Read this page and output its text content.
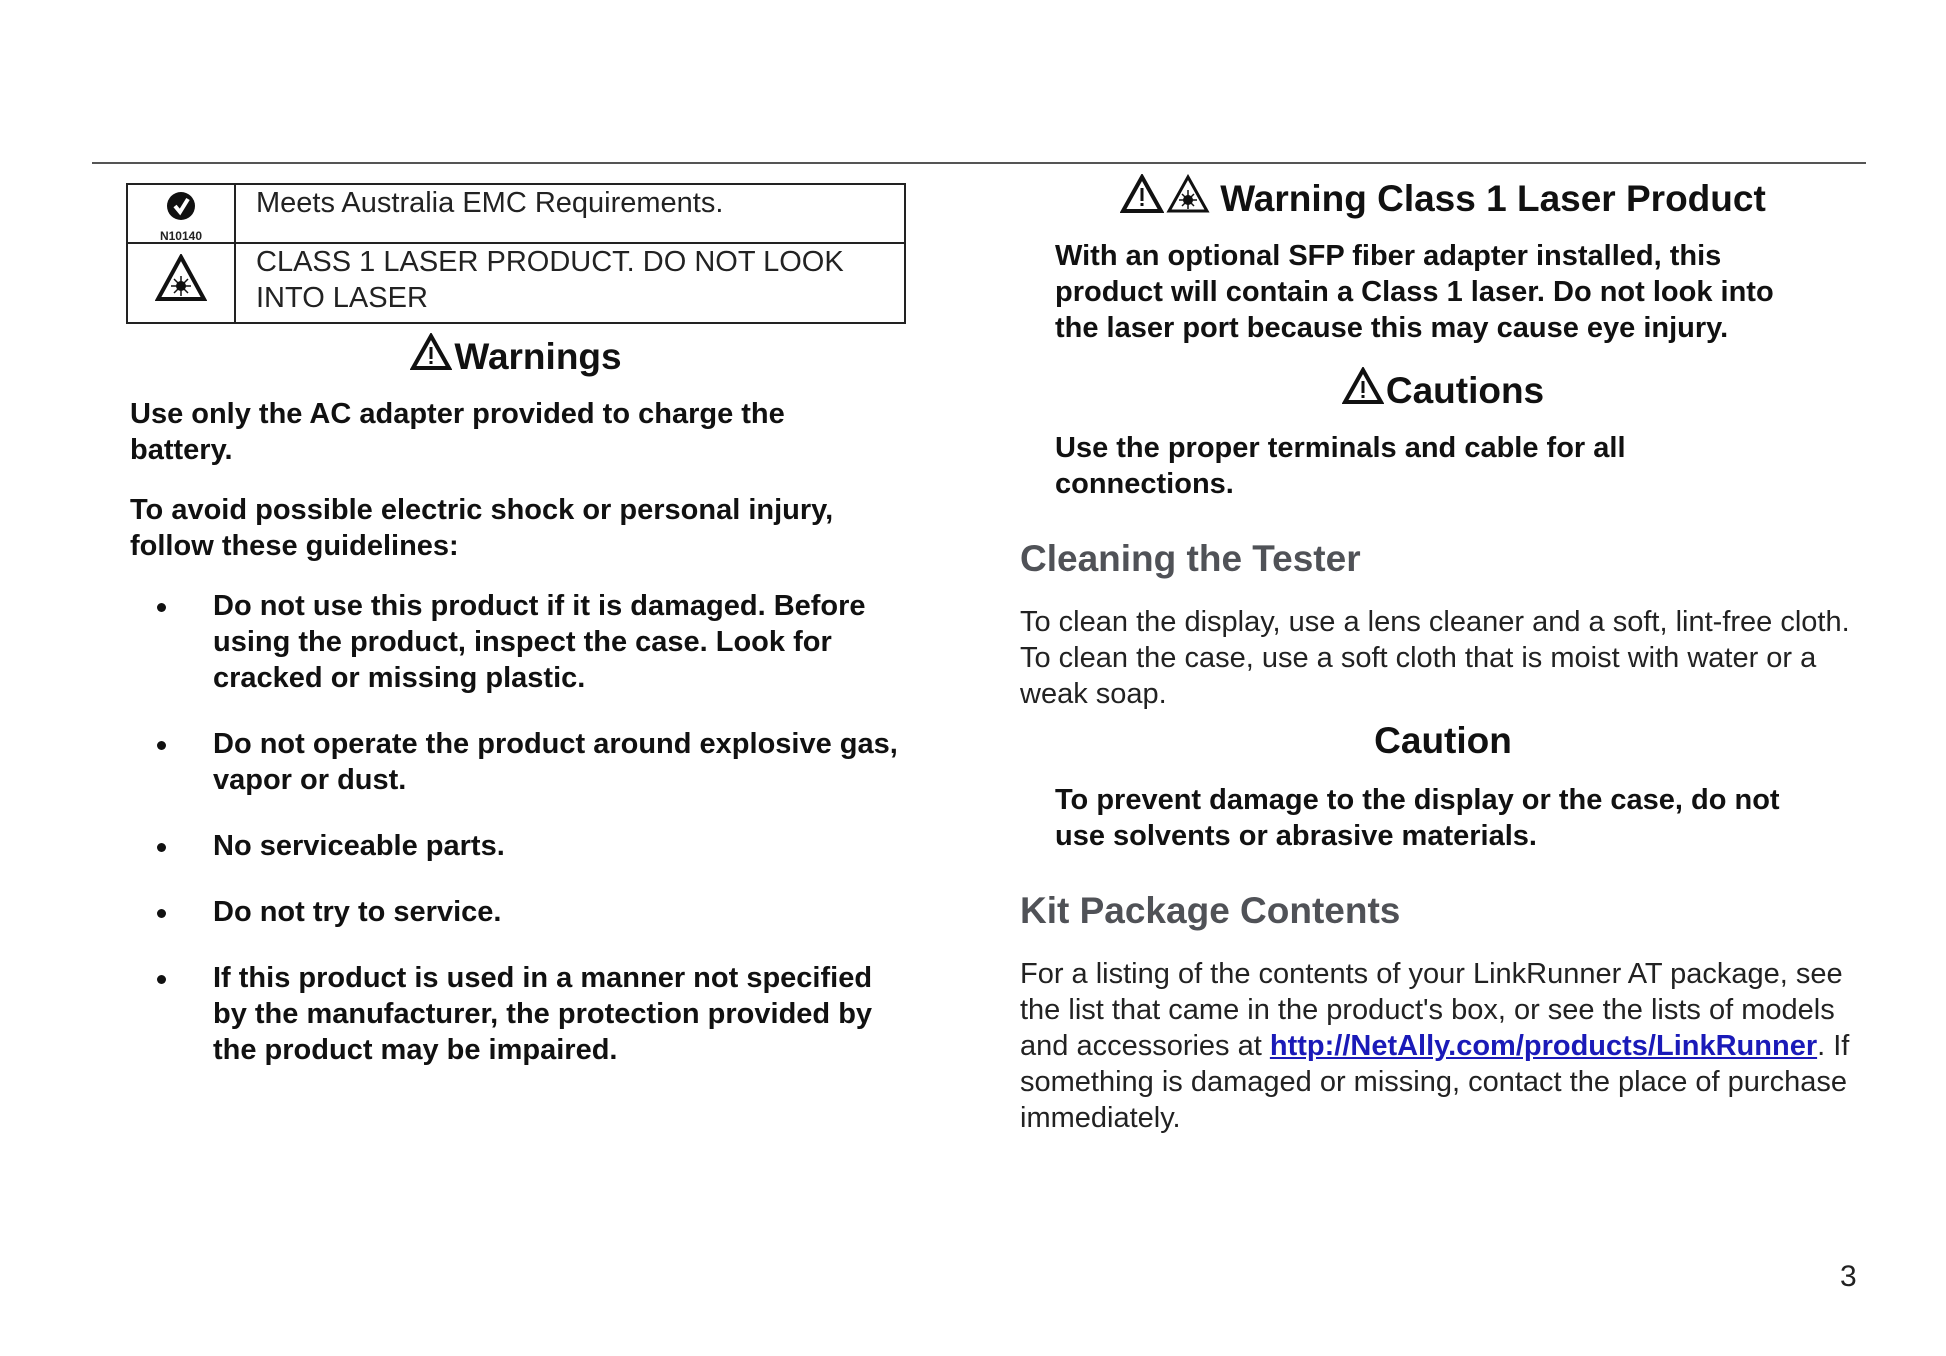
N10140	Meets Australia EMC Requirements.
	CLASS 1 LASER PRODUCT. DO NOT LOOK INTO LASER
Warnings

Use only the AC adapter provided to charge the battery.

To avoid possible electric shock or personal injury, follow these guidelines:

Do not use this product if it is damaged. Before using the product, inspect the case. Look for cracked or missing plastic.
Do not operate the product around explosive gas, vapor or dust.
No serviceable parts.
Do not try to service.
If this product is used in a manner not specified by the manufacturer, the protection provided by the product may be impaired.
Warning Class 1 Laser Product

With an optional SFP fiber adapter installed, this product will contain a Class 1 laser. Do not look into the laser port because this may cause eye injury.

Cautions

Use the proper terminals and cable for all connections.

Cleaning the Tester

To clean the display, use a lens cleaner and a soft, lint-free cloth. To clean the case, use a soft cloth that is moist with water or a weak soap.

Caution

To prevent damage to the display or the case, do not use solvents or abrasive materials.

Kit Package Contents

For a listing of the contents of your LinkRunner AT package, see the list that came in the product's box, or see the lists of models and accessories at http://NetAlly.com/products/LinkRunner. If something is damaged or missing, contact the place of purchase immediately.

3
